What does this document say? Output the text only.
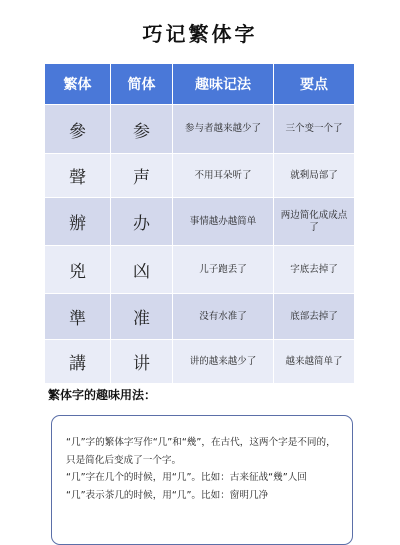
巧记繁体字
繁体	简体	趣味记法	要点
參	参	参与者越来越少了	三个变一个了
聲	声	不用耳朵听了	就剩局部了
辦	办	事情越办越简单	两边简化成成点了
兇	凶	儿子跑丢了	字底去掉了
準	准	没有水准了	底部去掉了
講	讲	讲的越来越少了	越来越简单了
繁体字的趣味用法：

“几”字的繁体字写作“几”和“幾”，在古代，这两个字是不同的，只是简化后变成了一个字。

“几”字在几个的时候，用“几”。比如：古来征战“幾”人回

“几”表示茶几的时候，用“几”。比如：窗明几净
